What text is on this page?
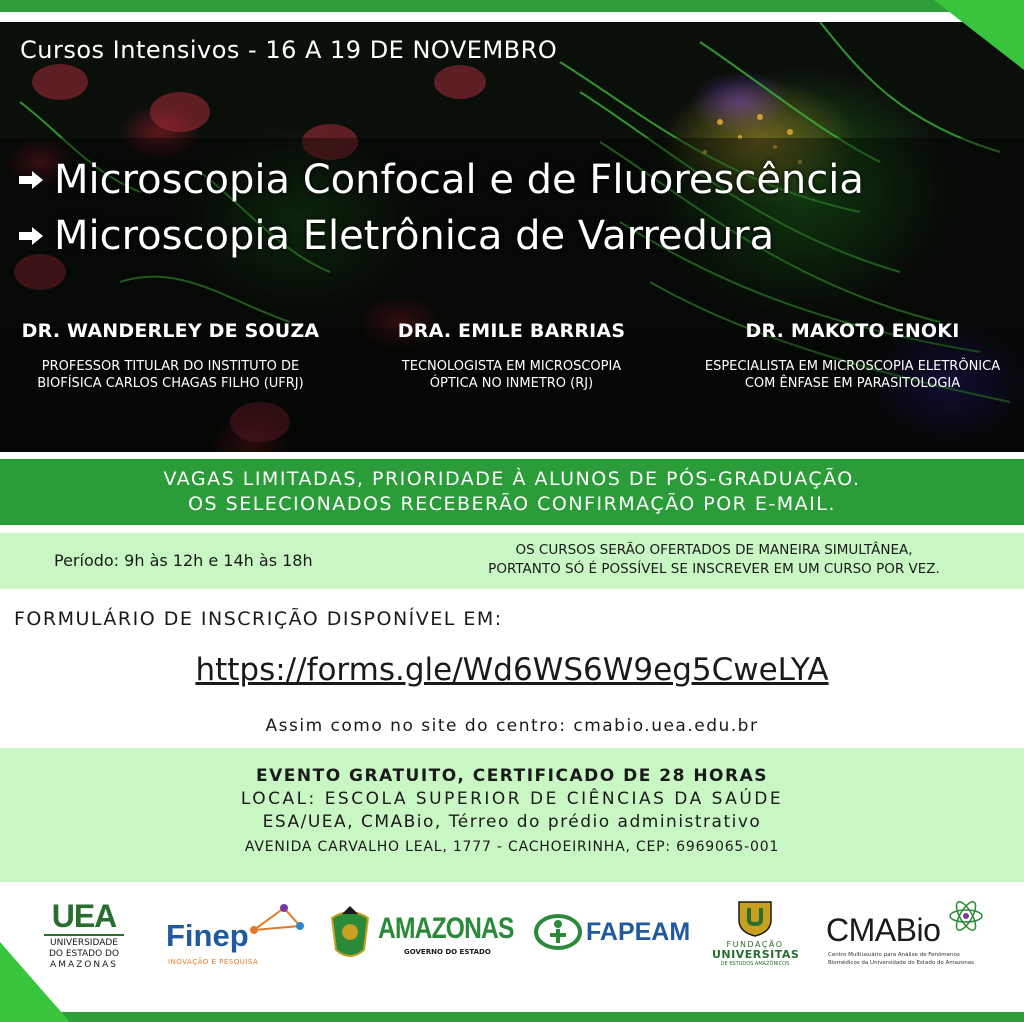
Cursos Intensivos - 16 A 19 DE NOVEMBRO
Microscopia Confocal e de Fluorescência
Microscopia Eletrônica de Varredura
DR. WANDERLEY DE SOUZA
PROFESSOR TITULAR DO INSTITUTO DE
BIOFÍSICA CARLOS CHAGAS FILHO (UFRJ)
DRA. EMILE BARRIAS
TECNOLOGISTA EM MICROSCOPIA
ÓPTICA NO INMETRO (RJ)
DR. MAKOTO ENOKI
ESPECIALISTA EM MICROSCOPIA ELETRÔNICA
COM ÊNFASE EM PARASITOLOGIA
VAGAS LIMITADAS, PRIORIDADE À ALUNOS DE PÓS-GRADUAÇÃO.
OS SELECIONADOS RECEBERÃO CONFIRMAÇÃO POR E-MAIL.
Período: 9h às 12h e 14h às 18h
OS CURSOS SERÃO OFERTADOS DE MANEIRA SIMULTÂNEA,
PORTANTO SÓ É POSSÍVEL SE INSCREVER EM UM CURSO POR VEZ.
FORMULÁRIO DE INSCRIÇÃO DISPONÍVEL EM:
https://forms.gle/Wd6WS6W9eg5CweLYA
Assim como no site do centro: cmabio.uea.edu.br
EVENTO GRATUITO, CERTIFICADO DE 28 HORAS
LOCAL: ESCOLA SUPERIOR DE CIÊNCIAS DA SAÚDE
ESA/UEA, CMABio, Térreo do prédio administrativo
AVENIDA CARVALHO LEAL, 1777 - CACHOEIRINHA, CEP: 6969065-001
UEA
UNIVERSIDADE
DO ESTADO DO
AMAZONAS
Finep
INOVAÇÃO E PESQUISA
AMAZONAS
GOVERNO DO ESTADO
FAPEAM	FUNDAÇÃO
UNIVERSITAS
DE ESTUDOS AMAZÔNICOS
CMABio
Centro Multiusuário para Análise de Fenômenos
Biomédicos da Universidade do Estado do Amazonas
